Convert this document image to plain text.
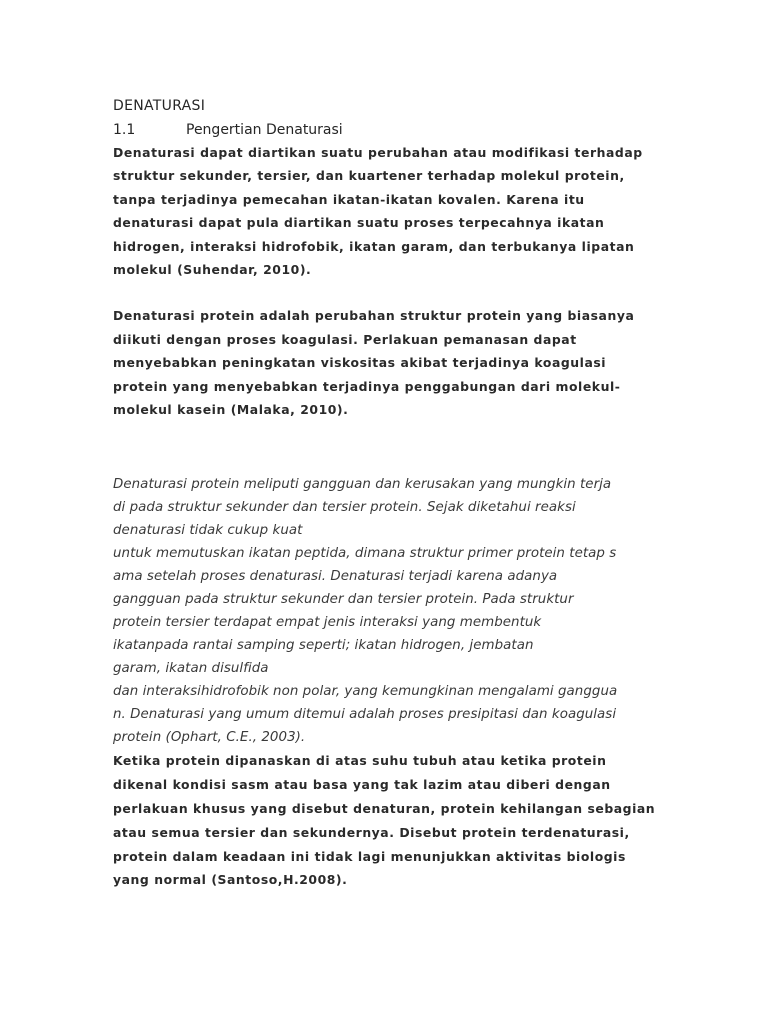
DENATURASI

1.1	Pengertian Denaturasi

Denaturasi dapat diartikan suatu perubahan atau modifikasi terhadap struktur sekunder, tersier, dan kuartener terhadap molekul protein, tanpa terjadinya pemecahan ikatan-ikatan kovalen. Karena itu denaturasi dapat pula diartikan suatu proses terpecahnya ikatan hidrogen, interaksi hidrofobik, ikatan garam, dan terbukanya lipatan molekul (Suhendar, 2010).

Denaturasi protein adalah perubahan struktur protein yang biasanya diikuti dengan proses koagulasi. Perlakuan pemanasan dapat menyebabkan peningkatan viskositas akibat terjadinya koagulasi protein yang menyebabkan terjadinya penggabungan dari molekul-molekul kasein (Malaka, 2010).

Denaturasi protein meliputi gangguan dan kerusakan yang mungkin terja
di pada struktur sekunder dan tersier protein. Sejak diketahui reaksi
denaturasi tidak cukup kuat
untuk memutuskan ikatan peptida, dimana struktur primer protein tetap s
ama setelah proses denaturasi. Denaturasi terjadi karena adanya
gangguan pada struktur sekunder dan tersier protein. Pada struktur
protein tersier terdapat empat jenis interaksi yang membentuk
ikatanpada rantai samping seperti; ikatan hidrogen, jembatan
garam, ikatan disulfida
dan interaksihidrofobik non polar, yang kemungkinan mengalami ganggua
n. Denaturasi yang umum ditemui adalah proses presipitasi dan koagulasi
protein (Ophart, C.E., 2003).

Ketika protein dipanaskan di atas suhu tubuh atau ketika protein dikenal kondisi sasm atau basa yang tak lazim atau diberi dengan perlakuan khusus yang disebut denaturan, protein kehilangan sebagian atau semua tersier dan sekundernya. Disebut protein terdenaturasi, protein dalam keadaan ini tidak lagi menunjukkan aktivitas biologis yang normal (Santoso,H.2008).
